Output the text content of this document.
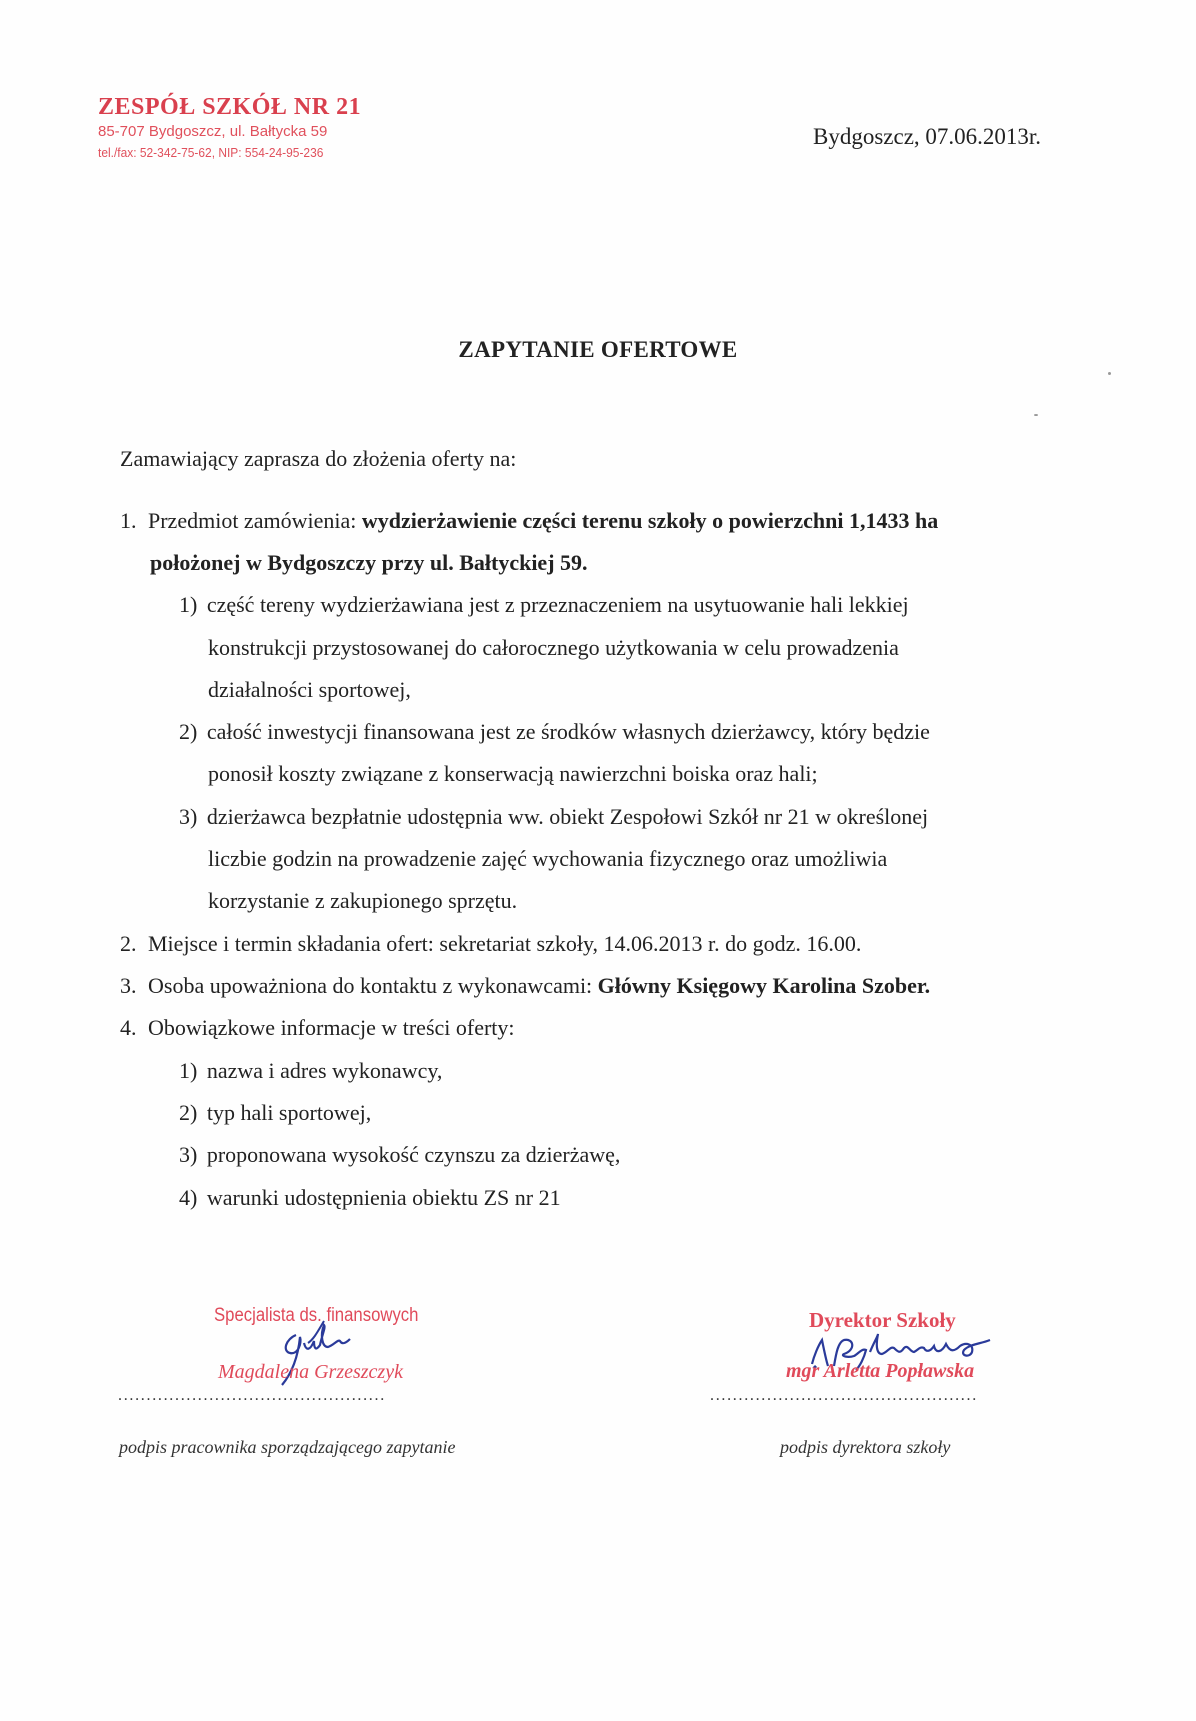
ZESPÓŁ SZKÓŁ NR 21
85-707 Bydgoszcz, ul. Bałtycka 59
tel./fax: 52-342-75-62, NIP: 554-24-95-236
Bydgoszcz, 07.06.2013r.
ZAPYTANIE OFERTOWE
Zamawiający zaprasza do złożenia oferty na:
1. Przedmiot zamówienia: wydzierżawienie części terenu szkoły o powierzchni 1,1433 ha
położonej w Bydgoszczy przy ul. Bałtyckiej 59.
1) część tereny wydzierżawiana jest z przeznaczeniem na usytuowanie hali lekkiej
konstrukcji przystosowanej do całorocznego użytkowania w celu prowadzenia
działalności sportowej,
2) całość inwestycji finansowana jest ze środków własnych dzierżawcy, który będzie
ponosił koszty związane z konserwacją nawierzchni boiska oraz hali;
3) dzierżawca bezpłatnie udostępnia ww. obiekt Zespołowi Szkół nr 21 w określonej
liczbie godzin na prowadzenie zajęć wychowania fizycznego oraz umożliwia
korzystanie z zakupionego sprzętu.
2. Miejsce i termin składania ofert: sekretariat szkoły, 14.06.2013 r. do godz. 16.00.
3. Osoba upoważniona do kontaktu z wykonawcami: Główny Księgowy Karolina Szober.
4. Obowiązkowe informacje w treści oferty:
1) nazwa i adres wykonawcy,
2) typ hali sportowej,
3) proponowana wysokość czynszu za dzierżawę,
4) warunki udostępnienia obiektu ZS nr 21
Specjalista ds. finansowych
Magdalena Grzeszczyk
...............................................
podpis pracownika sporządzającego zapytanie
Dyrektor Szkoły
mgr Arletta Popławska
...............................................
podpis dyrektora szkoły
